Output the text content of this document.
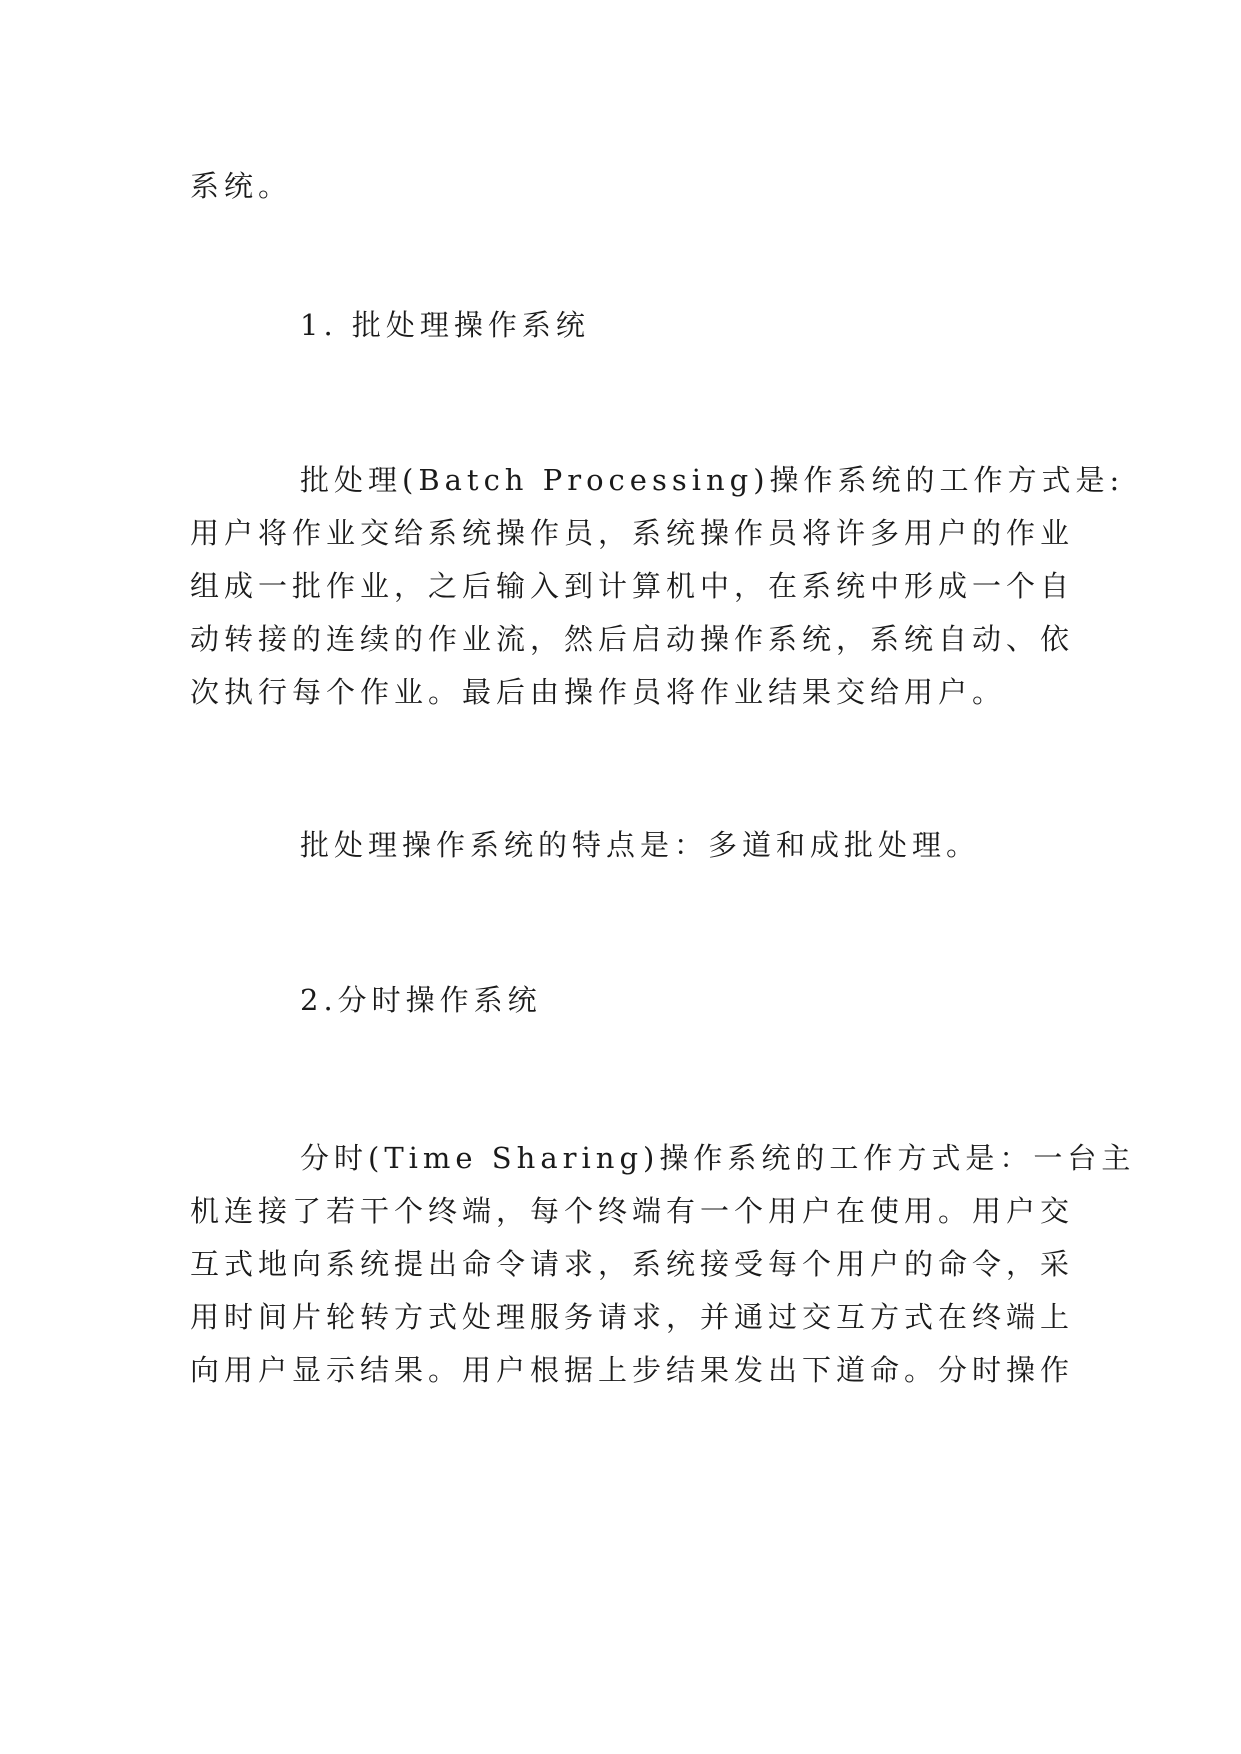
系统。
1. 批处理操作系统
批处理(Batch Processing)操作系统的工作方式是:
用户将作业交给系统操作员，系统操作员将许多用户的作业
组成一批作业，之后输入到计算机中，在系统中形成一个自
动转接的连续的作业流，然后启动操作系统，系统自动、依
次执行每个作业。最后由操作员将作业结果交给用户。
批处理操作系统的特点是：多道和成批处理。
2.分时操作系统
分时(Time Sharing)操作系统的工作方式是：一台主
机连接了若干个终端，每个终端有一个用户在使用。用户交
互式地向系统提出命令请求，系统接受每个用户的命令，采
用时间片轮转方式处理服务请求，并通过交互方式在终端上
向用户显示结果。用户根据上步结果发出下道命。分时操作
